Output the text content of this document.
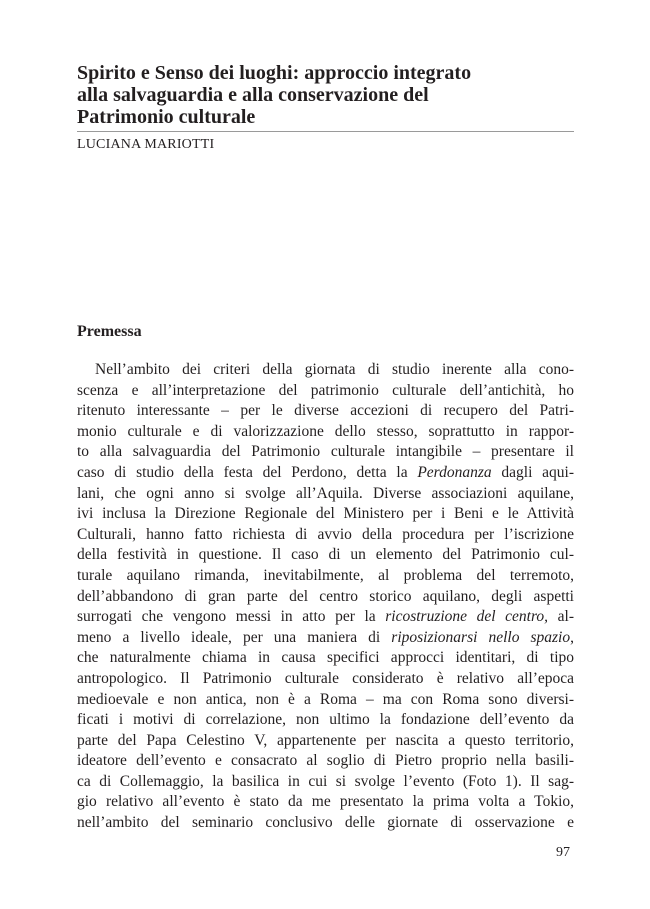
Spirito e Senso dei luoghi: approccio integrato
alla salvaguardia e alla conservazione del
Patrimonio culturale
LUCIANA MARIOTTI
Premessa
Nell’ambito dei criteri della giornata di studio inerente alla cono-
scenza e all’interpretazione del patrimonio culturale dell’antichità, ho
ritenuto interessante – per le diverse accezioni di recupero del Patri-
monio culturale e di valorizzazione dello stesso, soprattutto in rappor-
to alla salvaguardia del Patrimonio culturale intangibile – presentare il
caso di studio della festa del Perdono, detta la Perdonanza dagli aqui-
lani, che ogni anno si svolge all’Aquila. Diverse associazioni aquilane,
ivi inclusa la Direzione Regionale del Ministero per i Beni e le Attività
Culturali, hanno fatto richiesta di avvio della procedura per l’iscrizione
della festività in questione. Il caso di un elemento del Patrimonio cul-
turale aquilano rimanda, inevitabilmente, al problema del terremoto,
dell’abbandono di gran parte del centro storico aquilano, degli aspetti
surrogati che vengono messi in atto per la ricostruzione del centro, al-
meno a livello ideale, per una maniera di riposizionarsi nello spazio,
che naturalmente chiama in causa specifici approcci identitari, di tipo
antropologico. Il Patrimonio culturale considerato è relativo all’epoca
medioevale e non antica, non è a Roma – ma con Roma sono diversi-
ficati i motivi di correlazione, non ultimo la fondazione dell’evento da
parte del Papa Celestino V, appartenente per nascita a questo territorio,
ideatore dell’evento e consacrato al soglio di Pietro proprio nella basili-
ca di Collemaggio, la basilica in cui si svolge l’evento (Foto 1). Il sag-
gio relativo all’evento è stato da me presentato la prima volta a Tokio,
nell’ambito del seminario conclusivo delle giornate di osservazione e
97
